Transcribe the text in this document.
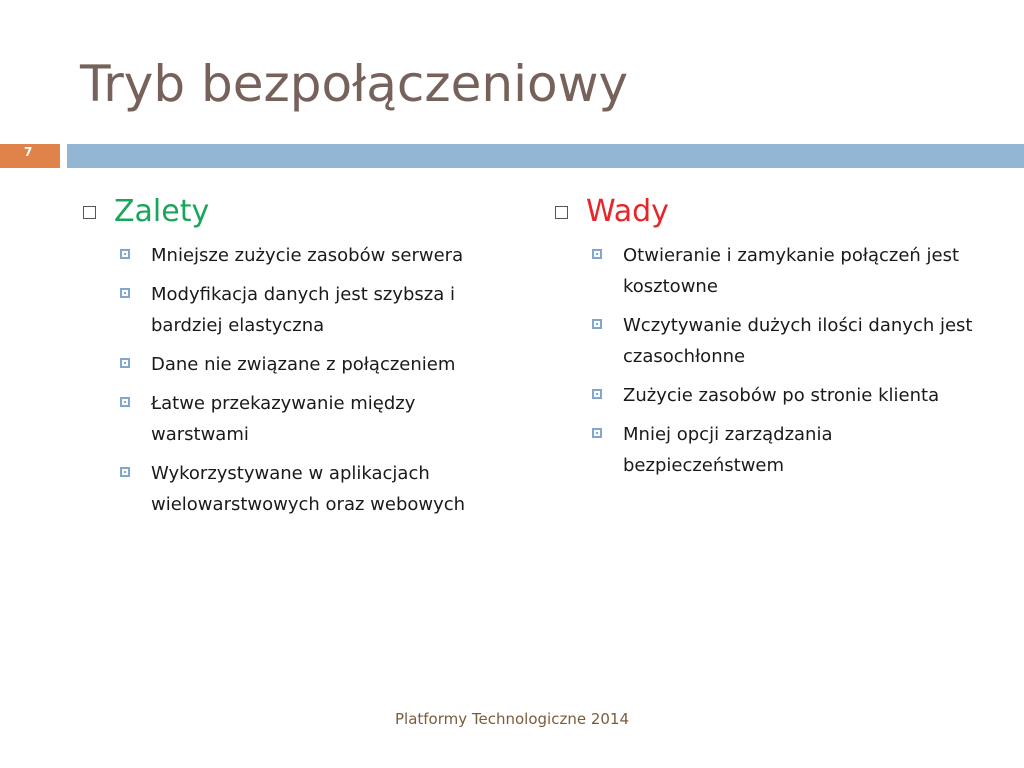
Tryb bezpołączeniowy
7
Zalety
Mniejsze zużycie zasobów serwera
Modyfikacja danych jest szybsza i bardziej elastyczna
Dane nie związane z połączeniem
Łatwe przekazywanie między warstwami
Wykorzystywane w aplikacjach wielowarstwowych oraz webowych
Wady
Otwieranie i zamykanie połączeń jest kosztowne
Wczytywanie dużych ilości danych jest czasochłonne
Zużycie zasobów po stronie klienta
Mniej opcji zarządzania bezpieczeństwem
Platformy Technologiczne 2014
